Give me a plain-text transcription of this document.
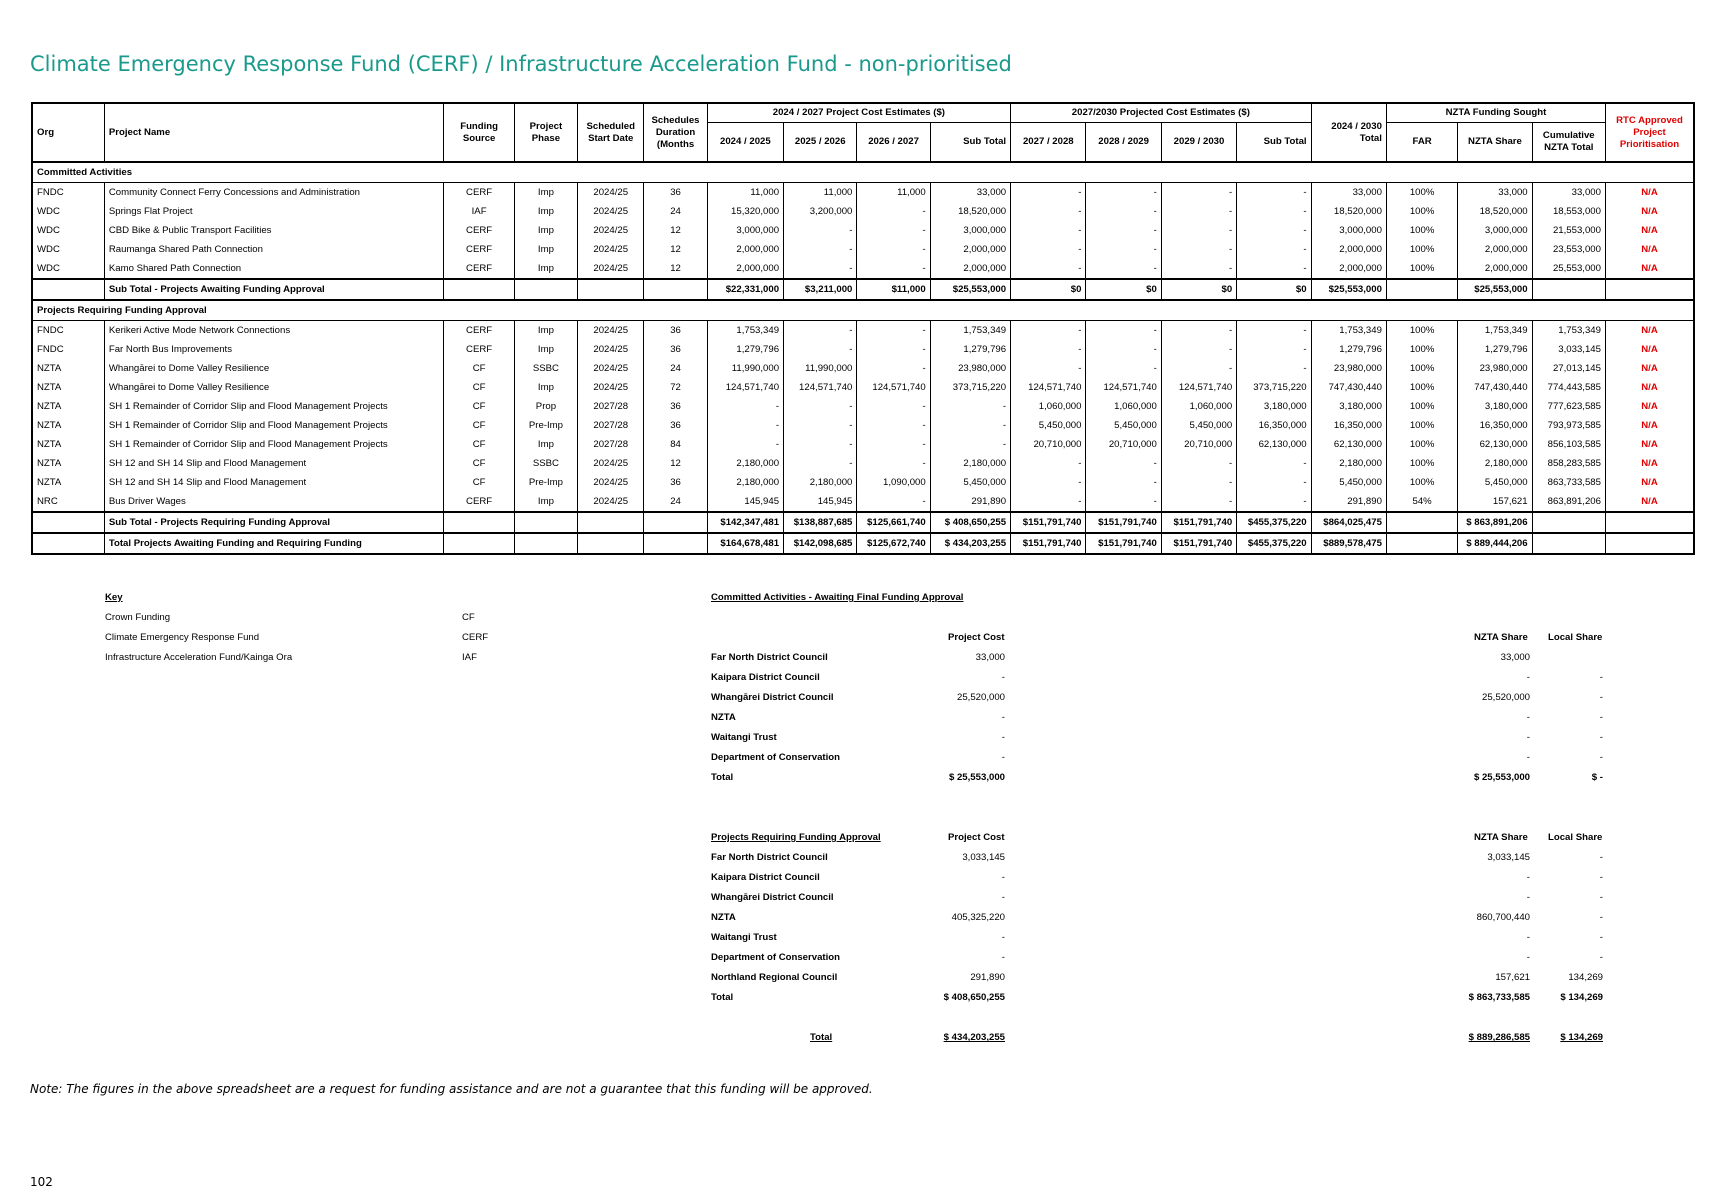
Climate Emergency Response Fund (CERF) / Infrastructure Acceleration Fund - non-prioritised
Org	Project Name	Funding Source	Project Phase	Scheduled Start Date	Schedules Duration (Months	2024 / 2027 Project Cost Estimates ($)				2027/2030 Projected Cost Estimates ($)				2024 / 2030 Total	NZTA Funding Sought			RTC Approved Project Prioritisation
						2024 / 2025	2025 / 2026	2026 / 2027	Sub Total	2027 / 2028	2028 / 2029	2029 / 2030	Sub Total		FAR	NZTA Share	Cumulative NZTA Total	
Committed Activities																		
FNDC	Community Connect Ferry Concessions and Administration	CERF	Imp	2024/25	36	11,000	11,000	11,000	33,000	-	-	-	-	33,000	100%	33,000	33,000	N/A
WDC	Springs Flat Project	IAF	Imp	2024/25	24	15,320,000	3,200,000	-	18,520,000	-	-	-	-	18,520,000	100%	18,520,000	18,553,000	N/A
WDC	CBD Bike & Public Transport Facilities	CERF	Imp	2024/25	12	3,000,000	-	-	3,000,000	-	-	-	-	3,000,000	100%	3,000,000	21,553,000	N/A
WDC	Raumanga Shared Path Connection	CERF	Imp	2024/25	12	2,000,000	-	-	2,000,000	-	-	-	-	2,000,000	100%	2,000,000	23,553,000	N/A
WDC	Kamo Shared Path Connection	CERF	Imp	2024/25	12	2,000,000	-	-	2,000,000	-	-	-	-	2,000,000	100%	2,000,000	25,553,000	N/A
	Sub Total - Projects Awaiting Funding Approval					$22,331,000	$3,211,000	$11,000	$25,553,000	$0	$0	$0	$0	$25,553,000		$25,553,000		
Projects Requiring Funding Approval																		
FNDC	Kerikeri Active Mode Network Connections	CERF	Imp	2024/25	36	1,753,349	-	-	1,753,349	-	-	-	-	1,753,349	100%	1,753,349	1,753,349	N/A
FNDC	Far North Bus Improvements	CERF	Imp	2024/25	36	1,279,796	-	-	1,279,796	-	-	-	-	1,279,796	100%	1,279,796	3,033,145	N/A
NZTA	Whangārei to Dome Valley Resilience	CF	SSBC	2024/25	24	11,990,000	11,990,000	-	23,980,000	-	-	-	-	23,980,000	100%	23,980,000	27,013,145	N/A
NZTA	Whangārei to Dome Valley Resilience	CF	Imp	2024/25	72	124,571,740	124,571,740	124,571,740	373,715,220	124,571,740	124,571,740	124,571,740	373,715,220	747,430,440	100%	747,430,440	774,443,585	N/A
NZTA	SH 1 Remainder of Corridor Slip and Flood Management Projects	CF	Prop	2027/28	36	-	-	-	-	1,060,000	1,060,000	1,060,000	3,180,000	3,180,000	100%	3,180,000	777,623,585	N/A
NZTA	SH 1 Remainder of Corridor Slip and Flood Management Projects	CF	Pre-Imp	2027/28	36	-	-	-	-	5,450,000	5,450,000	5,450,000	16,350,000	16,350,000	100%	16,350,000	793,973,585	N/A
NZTA	SH 1 Remainder of Corridor Slip and Flood Management Projects	CF	Imp	2027/28	84	-	-	-	-	20,710,000	20,710,000	20,710,000	62,130,000	62,130,000	100%	62,130,000	856,103,585	N/A
NZTA	SH 12 and SH 14 Slip and Flood Management	CF	SSBC	2024/25	12	2,180,000	-	-	2,180,000	-	-	-	-	2,180,000	100%	2,180,000	858,283,585	N/A
NZTA	SH 12 and SH 14 Slip and Flood Management	CF	Pre-Imp	2024/25	36	2,180,000	2,180,000	1,090,000	5,450,000	-	-	-	-	5,450,000	100%	5,450,000	863,733,585	N/A
NRC	Bus Driver Wages	CERF	Imp	2024/25	24	145,945	145,945	-	291,890	-	-	-	-	291,890	54%	157,621	863,891,206	N/A
	Sub Total - Projects Requiring Funding Approval					$142,347,481	$138,887,685	$125,661,740	$ 408,650,255	$151,791,740	$151,791,740	$151,791,740	$455,375,220	$864,025,475		$ 863,891,206		
	Total Projects Awaiting Funding and Requiring Funding					$164,678,481	$142,098,685	$125,672,740	$ 434,203,255	$151,791,740	$151,791,740	$151,791,740	$455,375,220	$889,578,475		$ 889,444,206		
Key
Crown Funding	CF
Climate Emergency Response Fund	CERF
Infrastructure Acceleration Fund/Kainga Ora	IAF
Committed Activities - Awaiting Final Funding Approval
Project Cost	NZTA Share Local Share
Far North District Council	33,000	33,000
Kaipara District Council	-	-	-
Whangārei District Council	25,520,000	25,520,000	-
NZTA	-	-	-
Waitangi Trust	-	-	-
Department of Conservation	-	-	-
Total	$ 25,553,000	$ 25,553,000	$ -
Projects Requiring Funding Approval	Project Cost	NZTA Share Local Share
Far North District Council	3,033,145	3,033,145	-
Kaipara District Council	-	-	-
Whangārei District Council	-	-	-
NZTA	405,325,220	860,700,440	-
Waitangi Trust	-	-	-
Department of Conservation	-	-	-
Northland Regional Council	291,890	157,621	134,269
Total	$ 408,650,255	$ 863,733,585	$ 134,269
Total	$ 434,203,255	$ 889,286,585	$ 134,269
Note: The figures in the above spreadsheet are a request for funding assistance and are not a guarantee that this funding will be approved.
102
